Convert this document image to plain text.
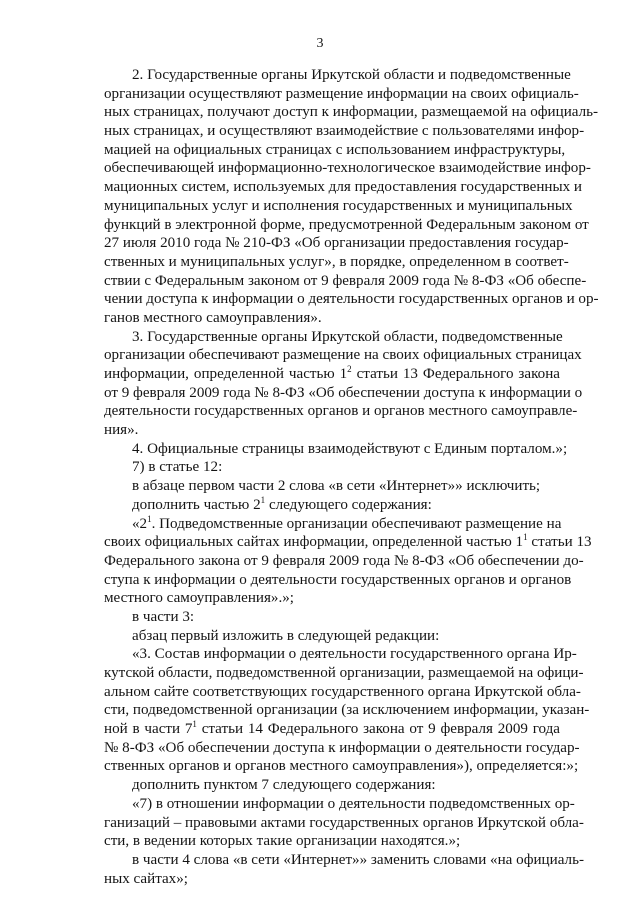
3
2. Государственные органы Иркутской области и подведомственные
организации осуществляют размещение информации на своих официаль-
ных страницах, получают доступ к информации, размещаемой на официаль-
ных страницах, и осуществляют взаимодействие с пользователями инфор-
мацией на официальных страницах с использованием инфраструктуры,
обеспечивающей информационно-технологическое взаимодействие инфор-
мационных систем, используемых для предоставления государственных и
муниципальных услуг и исполнения государственных и муниципальных
функций в электронной форме, предусмотренной Федеральным законом от
27 июля 2010 года № 210-ФЗ «Об организации предоставления государ-
ственных и муниципальных услуг», в порядке, определенном в соответ-
ствии с Федеральным законом от 9 февраля 2009 года № 8-ФЗ «Об обеспе-
чении доступа к информации о деятельности государственных органов и ор-
ганов местного самоуправления».
3. Государственные органы Иркутской области, подведомственные
организации обеспечивают размещение на своих официальных страницах
информации, определенной частью $1^2$ статьи 13 Федерального закона
от 9 февраля 2009 года № 8-ФЗ «Об обеспечении доступа к информации о
деятельности государственных органов и органов местного самоуправле-
ния».
4. Официальные страницы взаимодействуют с Единым порталом.»;
7) в статье 12:
в абзаце первом части 2 слова «в сети «Интернет»» исключить;
дополнить частью $2^1$ следующего содержания:
«$2^1$. Подведомственные организации обеспечивают размещение на
своих официальных сайтах информации, определенной частью $1^1$ статьи 13
Федерального закона от 9 февраля 2009 года № 8-ФЗ «Об обеспечении до-
ступа к информации о деятельности государственных органов и органов
местного самоуправления».»;
в части 3:
абзац первый изложить в следующей редакции:
«3. Состав информации о деятельности государственного органа Ир-
кутской области, подведомственной организации, размещаемой на офици-
альном сайте соответствующих государственного органа Иркутской обла-
сти, подведомственной организации (за исключением информации, указан-
ной в части $7^1$ статьи 14 Федерального закона от 9 февраля 2009 года
№ 8-ФЗ «Об обеспечении доступа к информации о деятельности государ-
ственных органов и органов местного самоуправления»), определяется:»;
дополнить пунктом 7 следующего содержания:
«7) в отношении информации о деятельности подведомственных ор-
ганизаций – правовыми актами государственных органов Иркутской обла-
сти, в ведении которых такие организации находятся.»;
в части 4 слова «в сети «Интернет»» заменить словами «на официаль-
ных сайтах»;
